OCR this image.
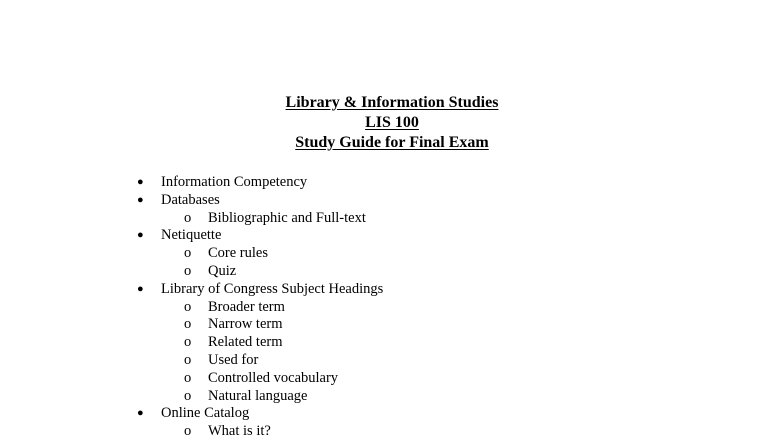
Library & Information Studies
LIS 100
Study Guide for Final Exam
● Information Competency
● Databases
o Bibliographic and Full-text
● Netiquette
o Core rules
o Quiz
● Library of Congress Subject Headings
o Broader term
o Narrow term
o Related term
o Used for
o Controlled vocabulary
o Natural language
● Online Catalog
o What is it?
